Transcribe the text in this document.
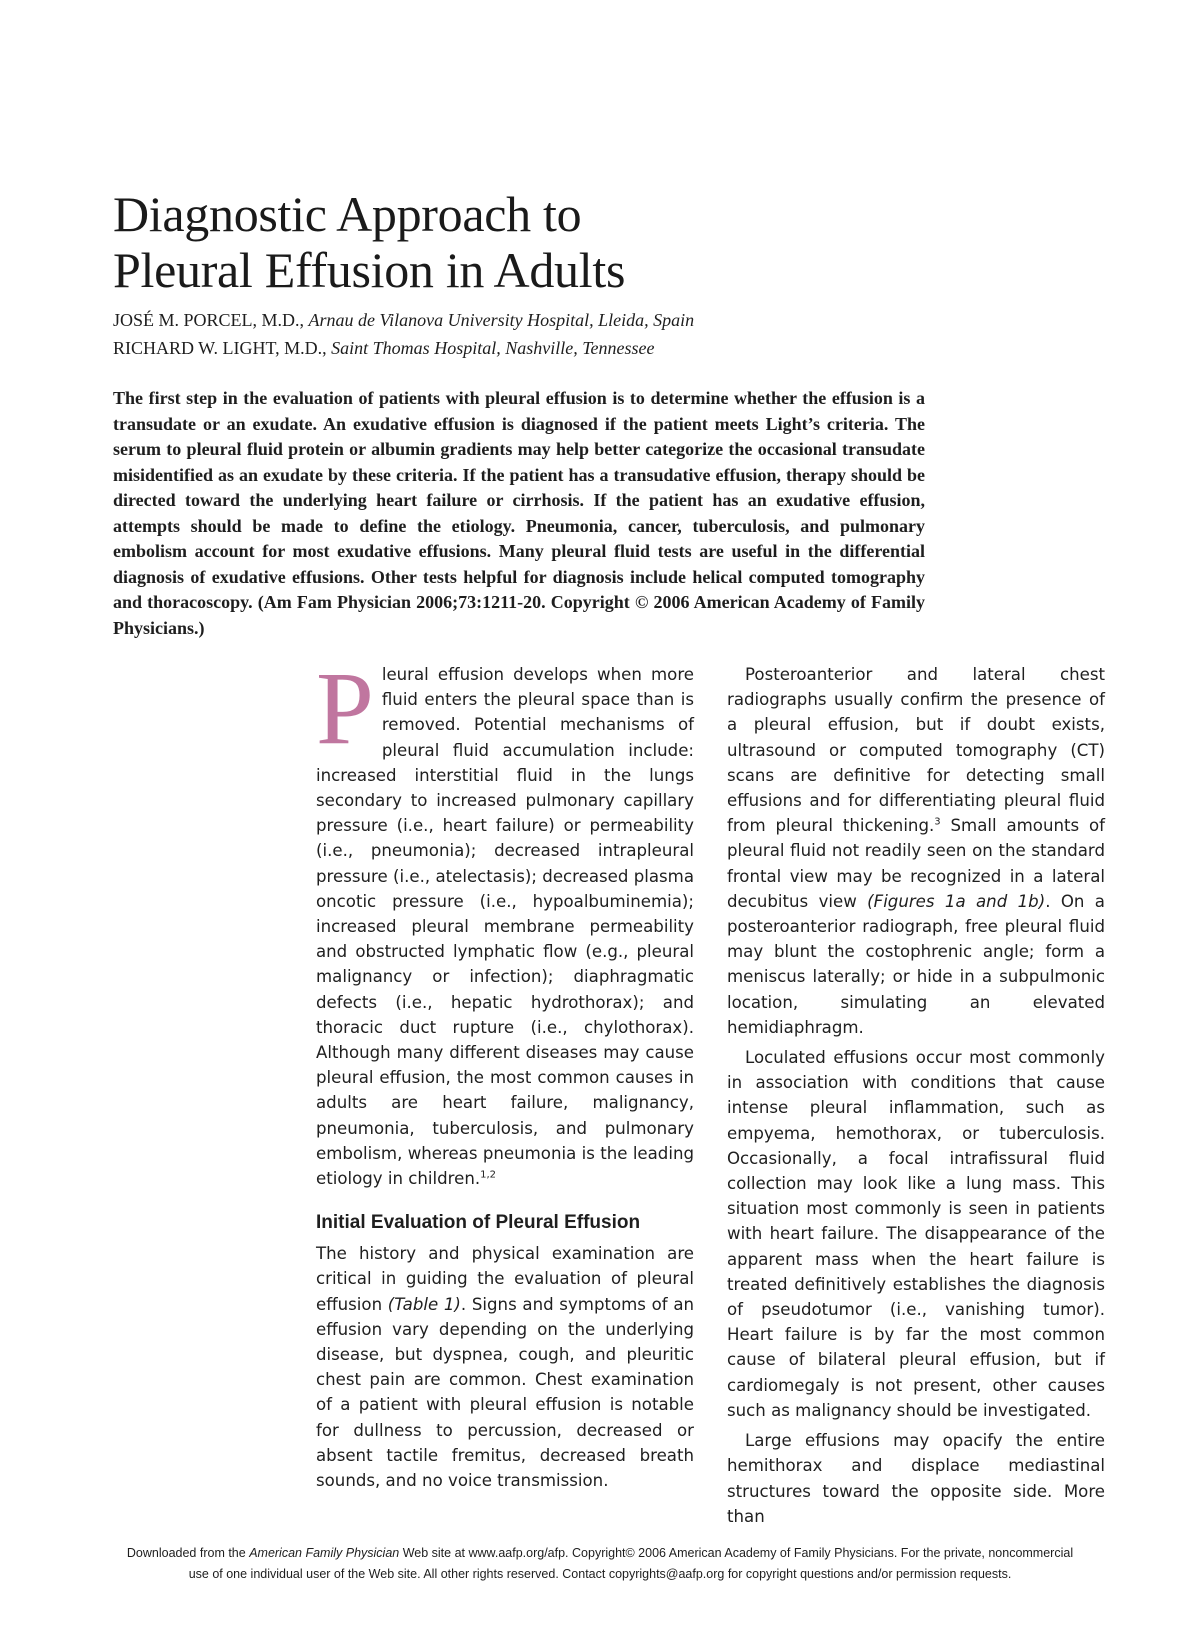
Diagnostic Approach to
Pleural Effusion in Adults
JOSÉ M. PORCEL, M.D., Arnau de Vilanova University Hospital, Lleida, Spain
RICHARD W. LIGHT, M.D., Saint Thomas Hospital, Nashville, Tennessee

The first step in the evaluation of patients with pleural effusion is to determine whether the effusion is a transudate or an exudate. An exudative effusion is diagnosed if the patient meets Light’s criteria. The serum to pleural fluid protein or albumin gradients may help better categorize the occasional transudate misidentified as an exudate by these criteria. If the patient has a transudative effusion, therapy should be directed toward the underlying heart failure or cirrhosis. If the patient has an exudative effusion, attempts should be made to define the etiology. Pneumonia, cancer, tuberculosis, and pulmonary embolism account for most exudative effusions. Many pleural fluid tests are useful in the differential diagnosis of exudative effusions. Other tests helpful for diagnosis include helical computed tomography and thoracoscopy. (Am Fam Physician 2006;73:1211-20. Copyright © 2006 American Academy of Family Physicians.)

Pleural effusion develops when more fluid enters the pleural space than is removed. Potential mechanisms of pleural fluid accumulation include: increased interstitial fluid in the lungs secondary to increased pulmonary capillary pressure (i.e., heart failure) or permeability (i.e., pneumonia); decreased intrapleural pressure (i.e., atelectasis); decreased plasma oncotic pressure (i.e., hypoalbuminemia); increased pleural membrane permeability and obstructed lymphatic flow (e.g., pleural malignancy or infection); diaphragmatic defects (i.e., hepatic hydrothorax); and thoracic duct rupture (i.e., chylothorax). Although many different diseases may cause pleural effusion, the most common causes in adults are heart failure, malignancy, pneumonia, tuberculosis, and pulmonary embolism, whereas pneumonia is the leading etiology in children.$^{1,2}$

Initial Evaluation of Pleural Effusion

The history and physical examination are critical in guiding the evaluation of pleural effusion (Table 1). Signs and symptoms of an effusion vary depending on the underlying disease, but dyspnea, cough, and pleuritic chest pain are common. Chest examination of a patient with pleural effusion is notable for dullness to percussion, decreased or absent tactile fremitus, decreased breath sounds, and no voice transmission.

Posteroanterior and lateral chest radiographs usually confirm the presence of a pleural effusion, but if doubt exists, ultrasound or computed tomography (CT) scans are definitive for detecting small effusions and for differentiating pleural fluid from pleural thickening.$^3$ Small amounts of pleural fluid not readily seen on the standard frontal view may be recognized in a lateral decubitus view (Figures 1a and 1b). On a posteroanterior radiograph, free pleural fluid may blunt the costophrenic angle; form a meniscus laterally; or hide in a subpulmonic location, simulating an elevated hemidiaphragm.

Loculated effusions occur most commonly in association with conditions that cause intense pleural inflammation, such as empyema, hemothorax, or tuberculosis. Occasionally, a focal intrafissural fluid collection may look like a lung mass. This situation most commonly is seen in patients with heart failure. The disappearance of the apparent mass when the heart failure is treated definitively establishes the diagnosis of pseudotumor (i.e., vanishing tumor). Heart failure is by far the most common cause of bilateral pleural effusion, but if cardiomegaly is not present, other causes such as malignancy should be investigated.

Large effusions may opacify the entire hemithorax and displace mediastinal structures toward the opposite side. More than

Downloaded from the American Family Physician Web site at www.aafp.org/afp. Copyright© 2006 American Academy of Family Physicians. For the private, noncommercial
use of one individual user of the Web site. All other rights reserved. Contact copyrights@aafp.org for copyright questions and/or permission requests.
